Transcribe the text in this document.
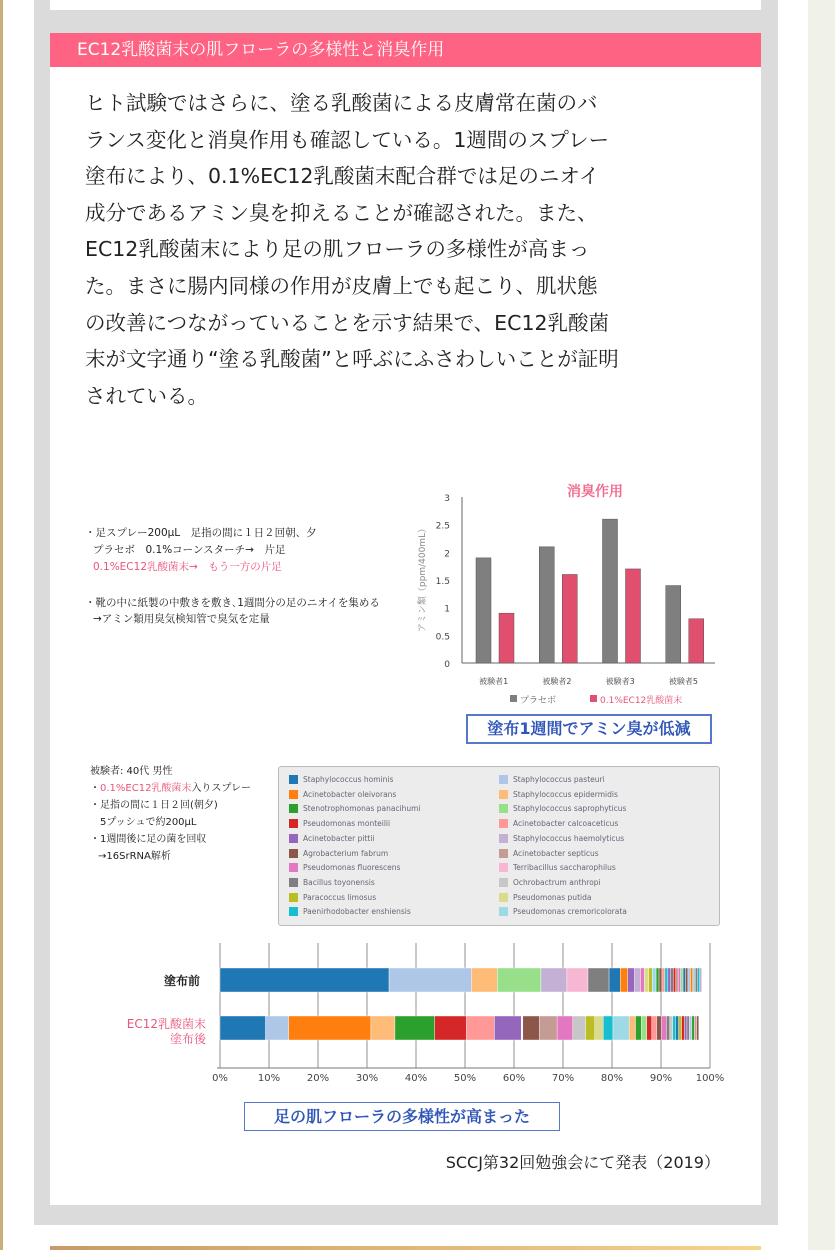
EC12乳酸菌末の肌フローラの多様性と消臭作用
ヒト試験ではさらに、塗る乳酸菌による皮膚常在菌のバ
ランス変化と消臭作用も確認している。1週間のスプレー
塗布により、0.1%EC12乳酸菌末配合群では足のニオイ
成分であるアミン臭を抑えることが確認された。また、
EC12乳酸菌末により足の肌フローラの多様性が高まっ
た。まさに腸内同様の作用が皮膚上でも起こり、肌状態
の改善につながっていることを示す結果で、EC12乳酸菌
末が文字通り“塗る乳酸菌”と呼ぶにふさわしいことが証明
されている。
・足スプレー200μL　足指の間に１日２回朝、夕
プラセボ　0.1%コーンスターチ→　片足
0.1%EC12乳酸菌末→　もう一方の片足
・靴の中に紙製の中敷きを敷き､1週間分の足のニオイを集める
→アミン類用臭気検知管で臭気を定量
消臭作用
アミン類（ppm/400mL）
0
0.5
1
1.5
2
2.5
3
被験者1	被験者2	被験者3	被験者5
プラセボ	0.1%EC12乳酸菌末
塗布1週間でアミン臭が低減
被験者: 40代 男性
・0.1%EC12乳酸菌末入りスプレー
・足指の間に１日２回(朝夕)
5プッシュで約200μL
・1週間後に足の菌を回収
→16SrRNA解析
Staphylococcus hominis	Staphylococcus pasteuri
Acinetobacter oleivorans	Staphylococcus epidermidis
Stenotrophomonas panacihumi	Staphylococcus saprophyticus
Pseudomonas monteilii	Acinetobacter calcoaceticus
Acinetobacter pittii	Staphylococcus haemolyticus
Agrobacterium fabrum	Acinetobacter septicus
Pseudomonas fluorescens	Terribacillus saccharophilus
Bacillus toyonensis	Ochrobactrum anthropi
Paracoccus limosus	Pseudomonas putida
Paenirhodobacter enshiensis	Pseudomonas cremoricolorata
0%	10%	20%	30%	40%	50%	60%	70%	80%	90% 100%
塗布前
EC12乳酸菌末塗布後
足の肌フローラの多様性が高まった
SCCJ第32回勉強会にて発表（2019）
